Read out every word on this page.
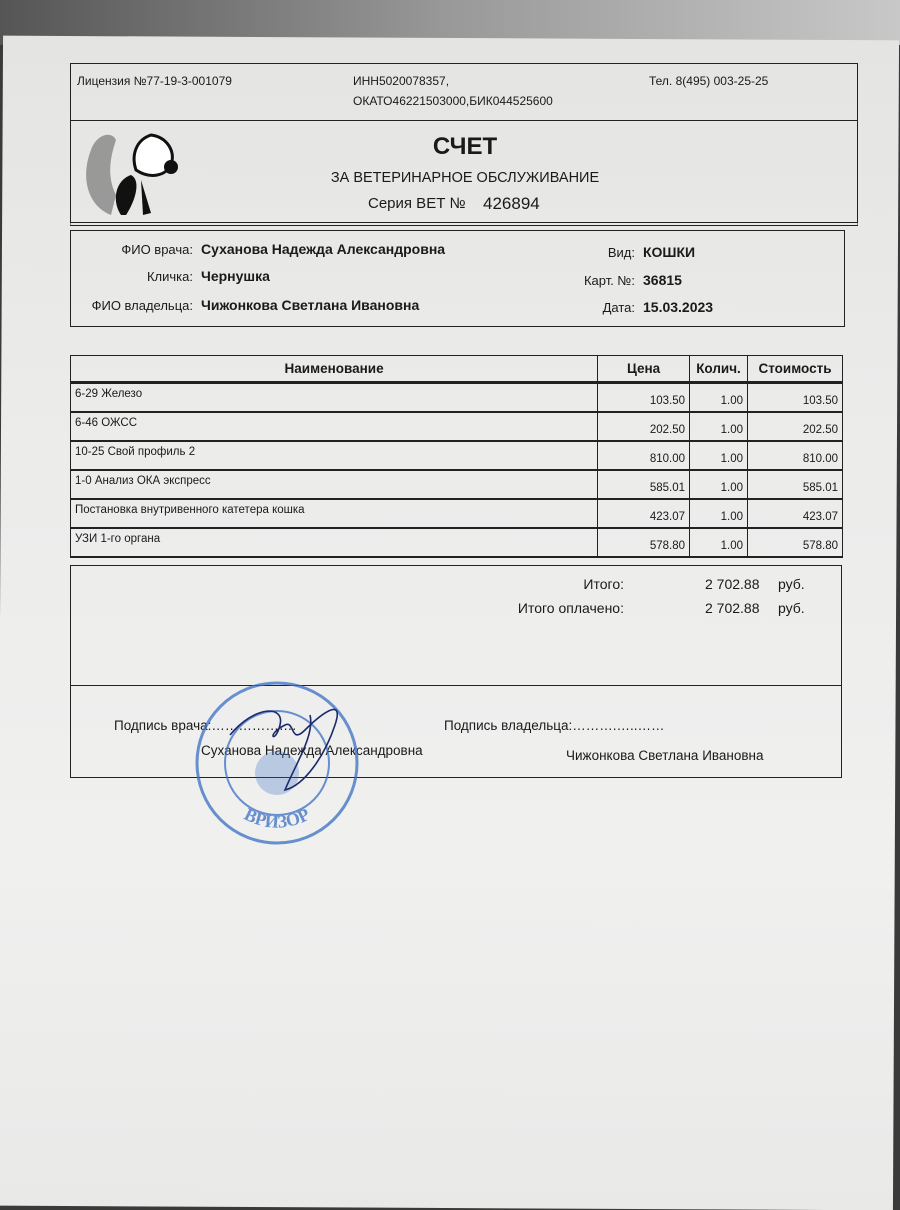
Лицензия №77-19-3-001079	ИНН5020078357,
ОКАТО46221503000,БИК044525600
Тел. 8(495) 003-25-25
СЧЕТ
ЗА ВЕТЕРИНАРНОЕ ОБСЛУЖИВАНИЕ
Серия ВЕТ № 426894
ФИО врача: Суханова Надежда Александровна
Кличка: Чернушка
ФИО владельца: Чижонкова Светлана Ивановна
Вид: КОШКИ
Карт. №: 36815
Дата: 15.03.2023
Наименование	Цена	Колич.	Стоимость
6-29 Железо	103.50	1.00	103.50
6-46 ОЖСС	202.50	1.00	202.50
10-25 Свой профиль 2	810.00	1.00	810.00
1-0 Анализ ОКА экспресс	585.01	1.00	585.01
Постановка внутривенного катетера кошка	423.07	1.00	423.07
УЗИ 1-го органа	578.80	1.00	578.80
Итого:	2 702.88 руб.
Итого оплачено:	2 702.88 руб.
Подпись врача:……………….	Подпись владельца:……….…..……
Суханова Надежда Александровна	Чижонкова Светлана Ивановна
ВРИЗОР
